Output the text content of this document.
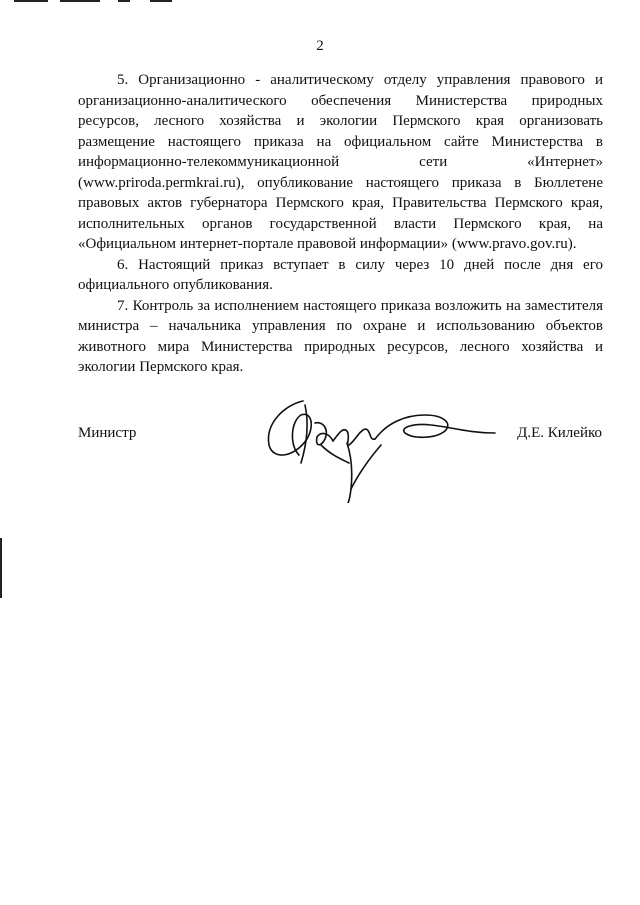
2

5. Организационно - аналитическому отделу управления правового и организационно-аналитического обеспечения Министерства природных ресурсов, лесного хозяйства и экологии Пермского края организовать размещение настоящего приказа на официальном сайте Министерства в информационно-телекоммуникационной сети «Интернет» (www.priroda.permkrai.ru), опубликование настоящего приказа в Бюллетене правовых актов губернатора Пермского края, Правительства Пермского края, исполнительных органов государственной власти Пермского края, на «Официальном интернет-портале правовой информации» (www.pravo.gov.ru).

6. Настоящий приказ вступает в силу через 10 дней после дня его официального опубликования.

7. Контроль за исполнением настоящего приказа возложить на заместителя министра – начальника управления по охране и использованию объектов животного мира Министерства природных ресурсов, лесного хозяйства и экологии Пермского края.

Министр	Д.Е. Килейко
